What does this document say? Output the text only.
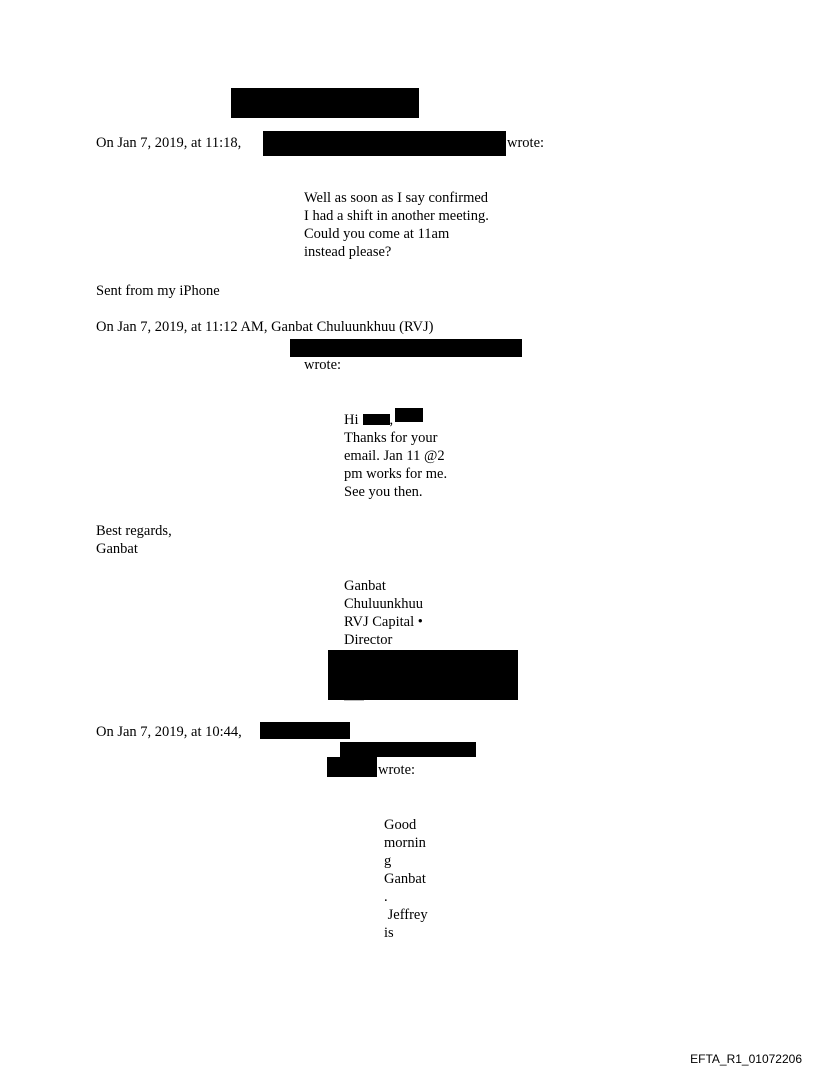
On Jan 7, 2019, at 11:18,	wrote:
Well as soon as I say confirmed
I had a shift in another meeting.
Could you come at 11am
instead please?
Sent from my iPhone
On Jan 7, 2019, at 11:12 AM, Ganbat Chuluunkhuu (RVJ)
wrote:
Hi ,
Thanks for your
email. Jan 11 @2
pm works for me.
See you then.
Best regards,
Ganbat
Ganbat
Chuluunkhuu
RVJ Capital •
Director
On Jan 7, 2019, at 10:44,
wrote:
Good
mornin
g
Ganbat
.
Jeffrey
is
EFTA_R1_01072206
